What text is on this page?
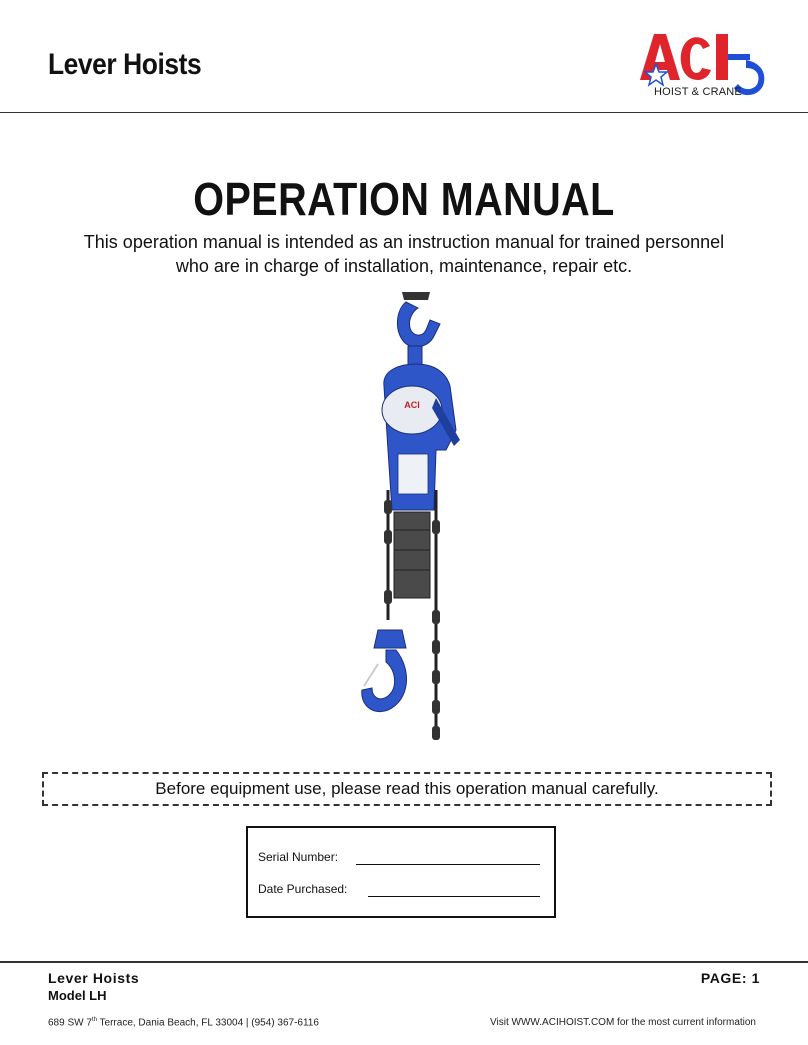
Lever Hoists
HOIST & CRANE
OPERATION MANUAL
This operation manual is intended as an instruction manual for trained personnel
who are in charge of installation, maintenance, repair etc.
ACI
Before equipment use, please read this operation manual carefully.
Serial Number:
Date Purchased:
Lever Hoists
Model LH
PAGE: 1
689 SW 7th Terrace, Dania Beach, FL 33004 | (954) 367-6116	Visit WWW.ACIHOIST.COM for the most current information
